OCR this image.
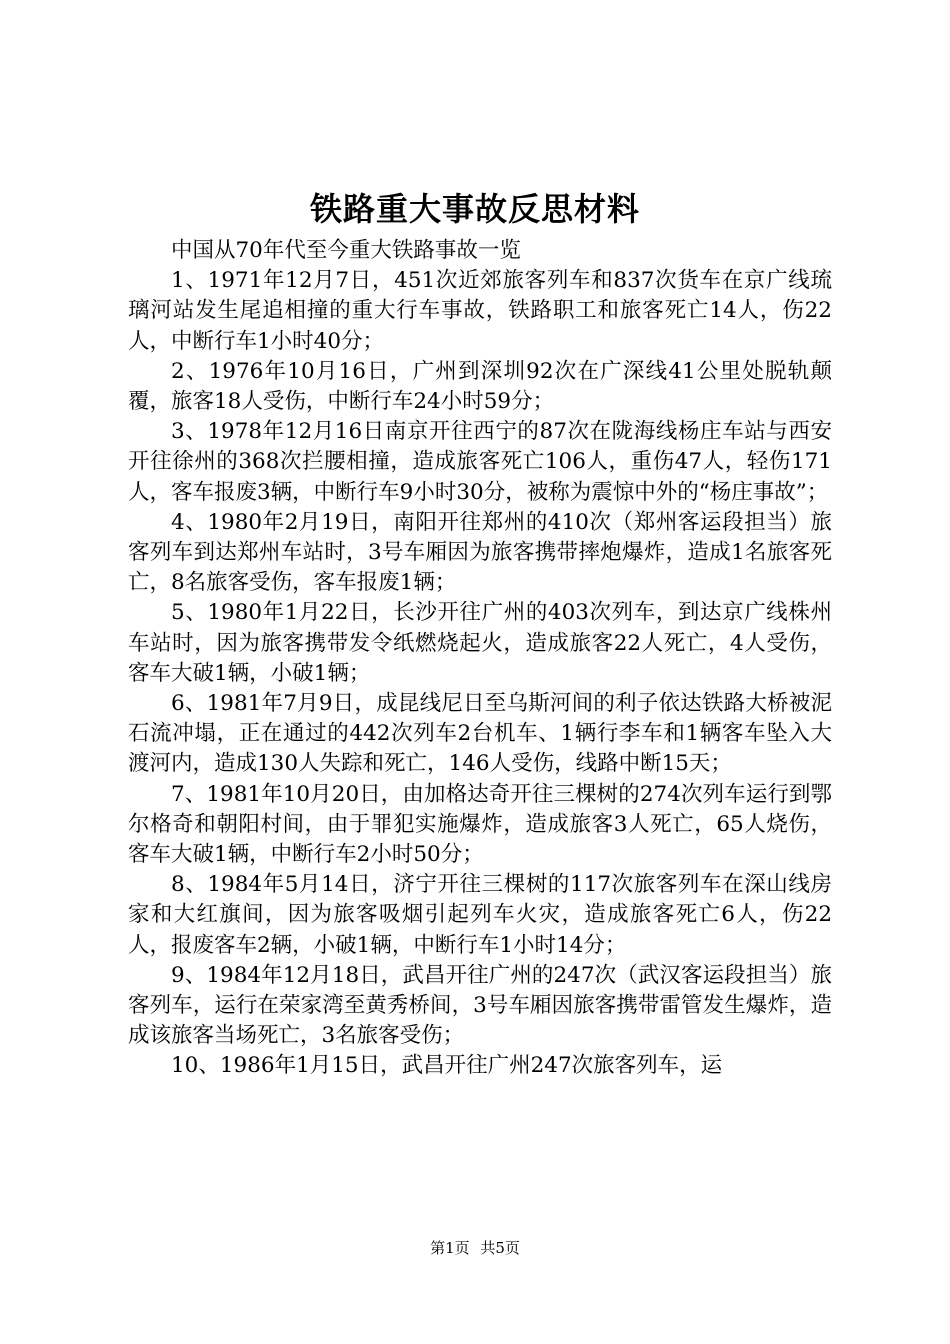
铁路重大事故反思材料

中国从70年代至今重大铁路事故一览

1、1971年12月7日，451次近郊旅客列车和837次货车在京广线琉璃河站发生尾追相撞的重大行车事故，铁路职工和旅客死亡14人，伤22人，中断行车1小时40分；

2、1976年10月16日，广州到深圳92次在广深线41公里处脱轨颠覆，旅客18人受伤，中断行车24小时59分；

3、1978年12月16日南京开往西宁的87次在陇海线杨庄车站与西安开往徐州的368次拦腰相撞，造成旅客死亡106人，重伤47人，轻伤171人，客车报废3辆，中断行车9小时30分，被称为震惊中外的“杨庄事故”；

4、1980年2月19日，南阳开往郑州的410次（郑州客运段担当）旅客列车到达郑州车站时，3号车厢因为旅客携带摔炮爆炸，造成1名旅客死亡，8名旅客受伤，客车报废1辆；

5、1980年1月22日，长沙开往广州的403次列车，到达京广线株州车站时，因为旅客携带发令纸燃烧起火，造成旅客22人死亡，4人受伤，客车大破1辆，小破1辆；

6、1981年7月9日，成昆线尼日至乌斯河间的利子依达铁路大桥被泥石流冲塌，正在通过的442次列车2台机车、1辆行李车和1辆客车坠入大渡河内，造成130人失踪和死亡，146人受伤，线路中断15天；

7、1981年10月20日，由加格达奇开往三棵树的274次列车运行到鄂尔格奇和朝阳村间，由于罪犯实施爆炸，造成旅客3人死亡，65人烧伤，客车大破1辆，中断行车2小时50分；

8、1984年5月14日，济宁开往三棵树的117次旅客列车在深山线房家和大红旗间，因为旅客吸烟引起列车火灾，造成旅客死亡6人，伤22人，报废客车2辆，小破1辆，中断行车1小时14分；

9、1984年12月18日，武昌开往广州的247次（武汉客运段担当）旅客列车，运行在荣家湾至黄秀桥间，3号车厢因旅客携带雷管发生爆炸，造成该旅客当场死亡，3名旅客受伤；

10、1986年1月15日，武昌开往广州247次旅客列车，运

第1页 共5页
